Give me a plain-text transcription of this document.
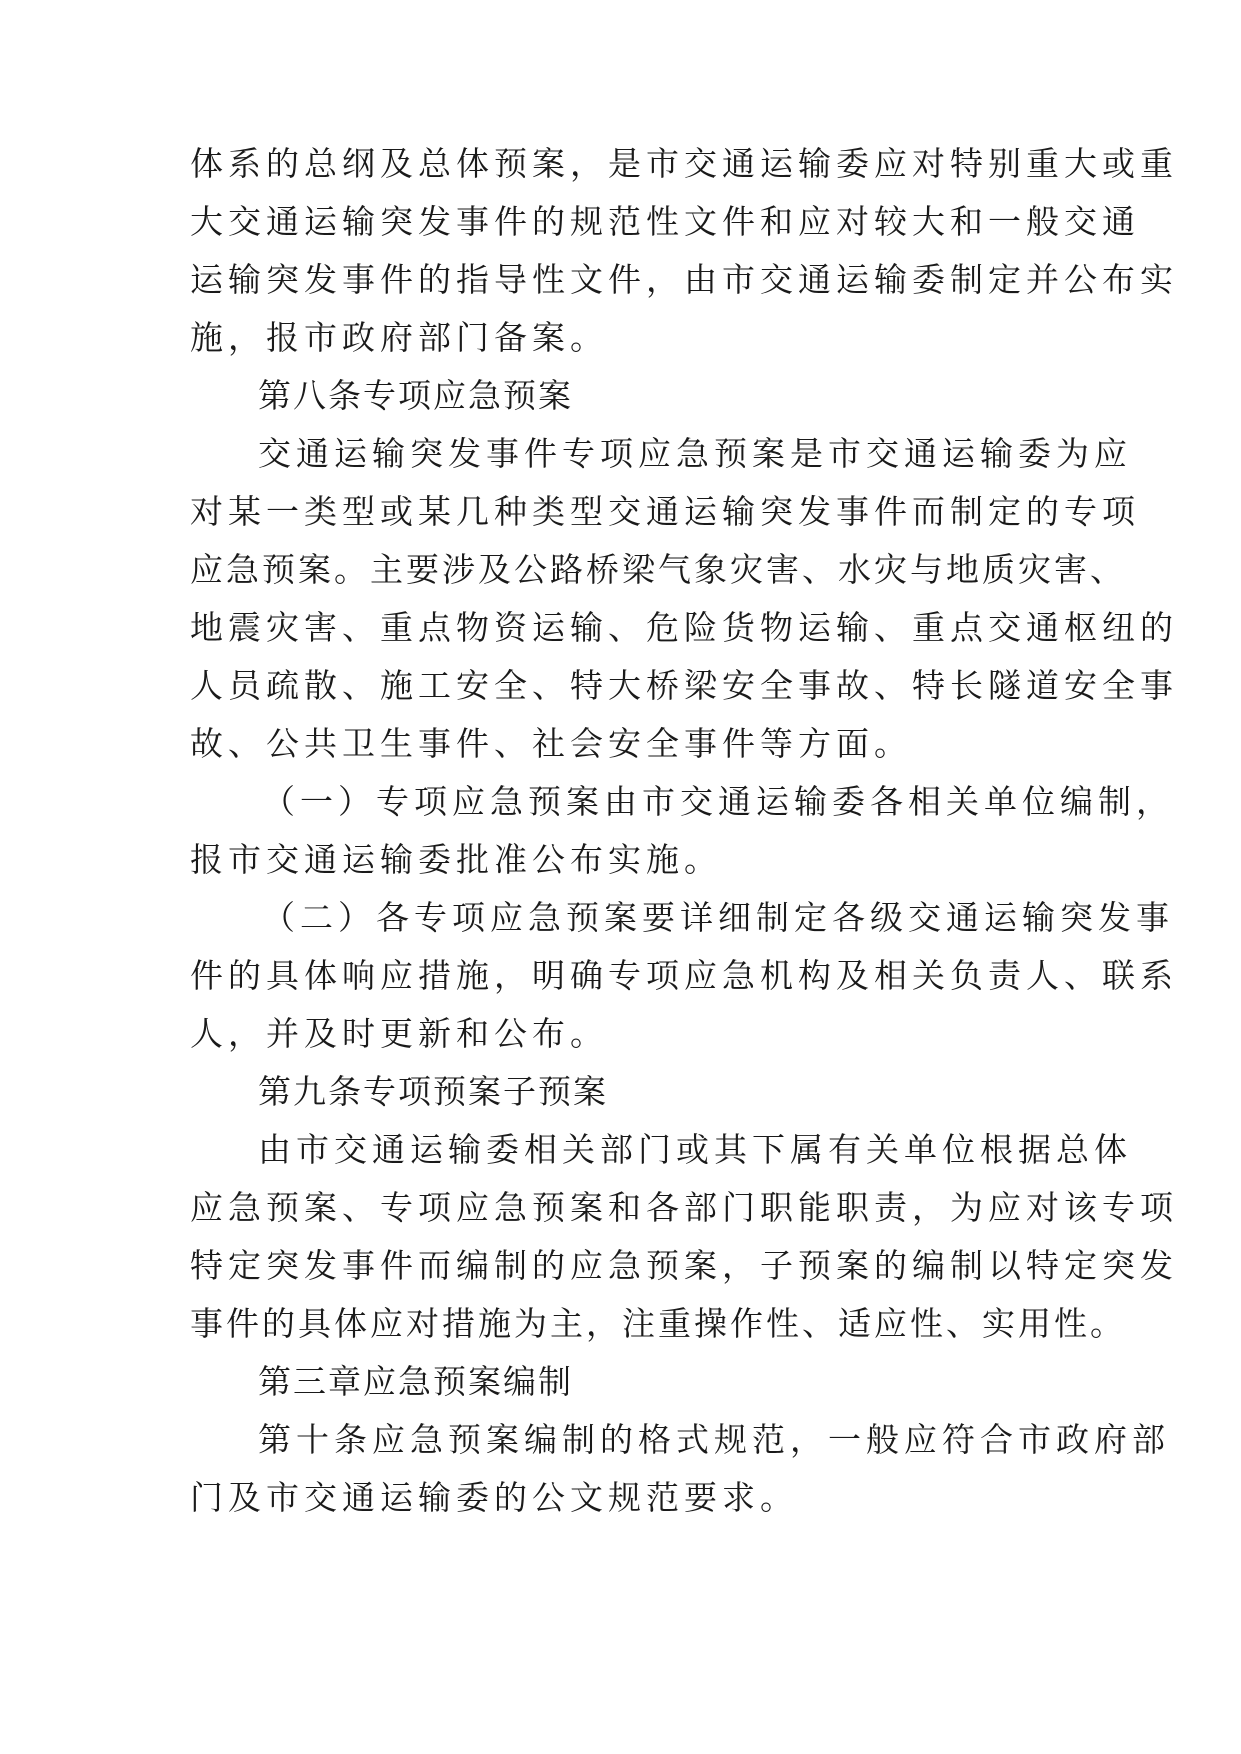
体系的总纲及总体预案，是市交通运输委应对特别重大或重

大交通运输突发事件的规范性文件和应对较大和一般交通

运输突发事件的指导性文件，由市交通运输委制定并公布实

施，报市政府部门备案。

第八条专项应急预案

交通运输突发事件专项应急预案是市交通运输委为应

对某一类型或某几种类型交通运输突发事件而制定的专项

应急预案。主要涉及公路桥梁气象灾害、水灾与地质灾害、

地震灾害、重点物资运输、危险货物运输、重点交通枢纽的

人员疏散、施工安全、特大桥梁安全事故、特长隧道安全事

故、公共卫生事件、社会安全事件等方面。

（一）专项应急预案由市交通运输委各相关单位编制，

报市交通运输委批准公布实施。

（二）各专项应急预案要详细制定各级交通运输突发事

件的具体响应措施，明确专项应急机构及相关负责人、联系

人，并及时更新和公布。

第九条专项预案子预案

由市交通运输委相关部门或其下属有关单位根据总体

应急预案、专项应急预案和各部门职能职责，为应对该专项

特定突发事件而编制的应急预案，子预案的编制以特定突发

事件的具体应对措施为主，注重操作性、适应性、实用性。

第三章应急预案编制

第十条应急预案编制的格式规范，一般应符合市政府部

门及市交通运输委的公文规范要求。
